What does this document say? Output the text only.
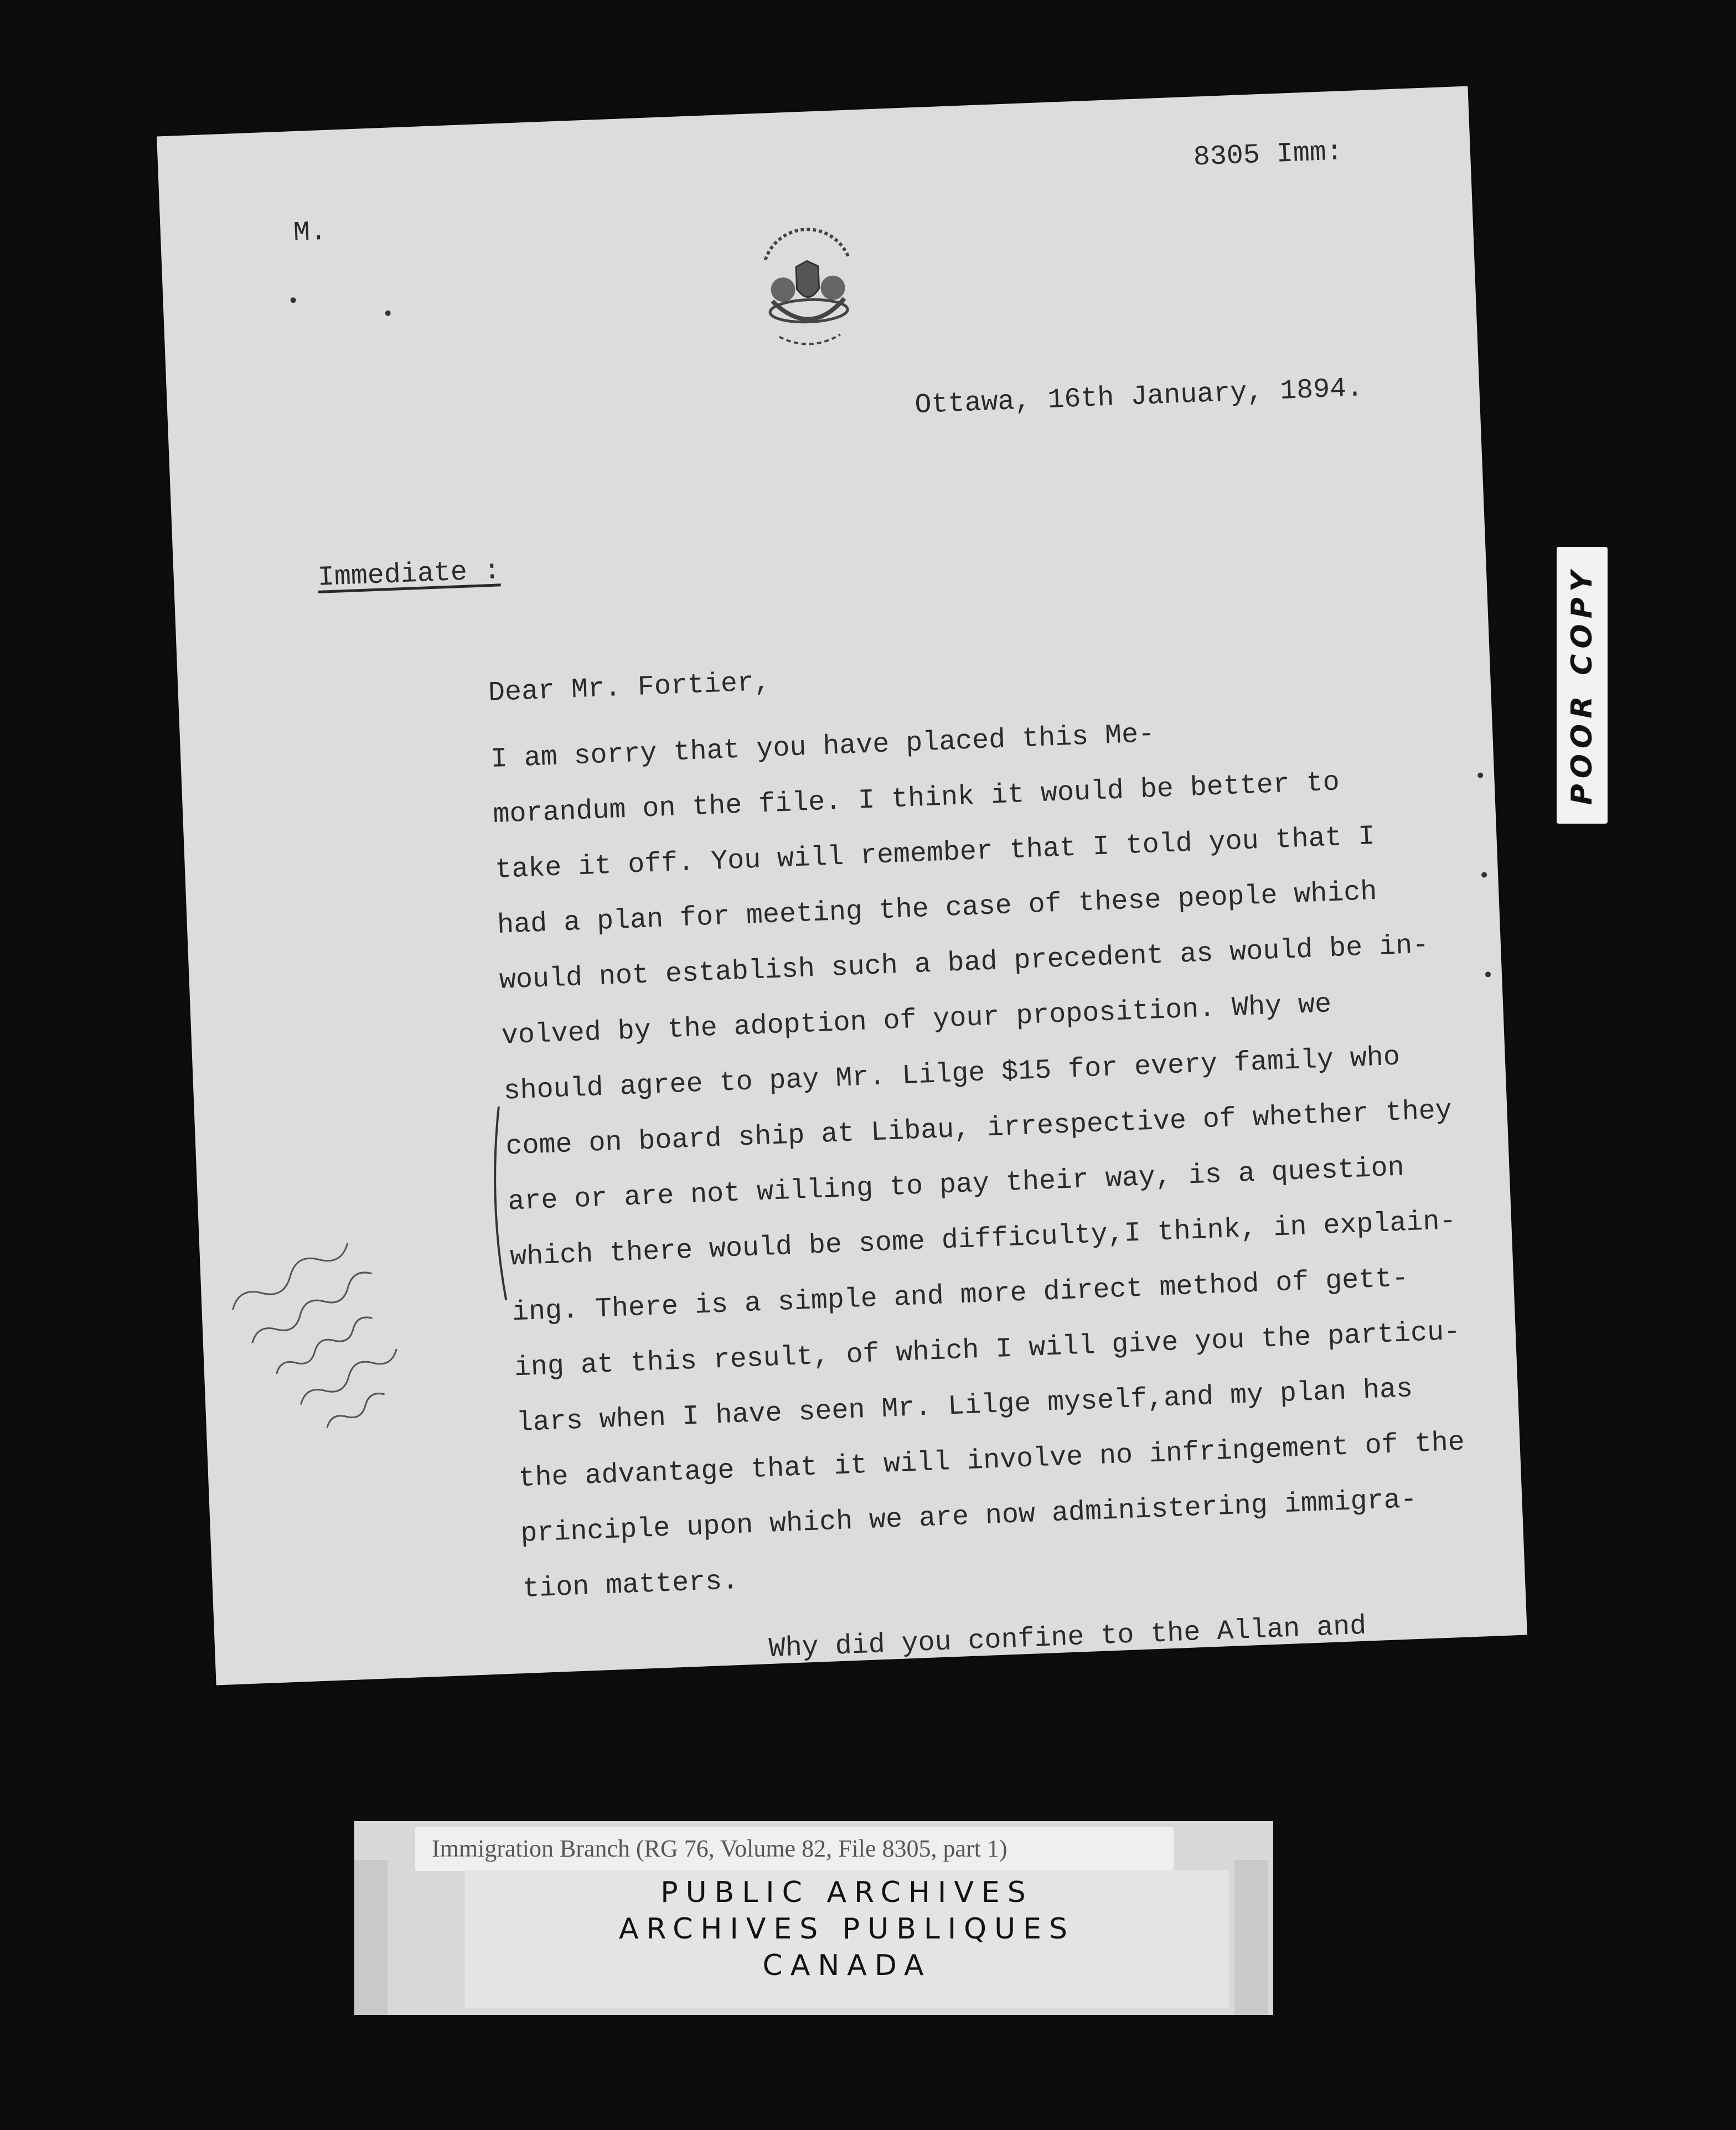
8305 Imm:
M.
Ottawa, 16th January, 1894.
Immediate :
Dear Mr. Fortier,
I am sorry that you have placed this Me-
morandum on the file. I think it would be better to
take it off. You will remember that I told you that I
had a plan for meeting the case of these people which
would not establish such a bad precedent as would be in-
volved by the adoption of your proposition. Why we
should agree to pay Mr. Lilge $15 for every family who
come on board ship at Libau, irrespective of whether they
are or are not willing to pay their way, is a question
which there would be some difficulty,I think, in explain-
ing. There is a simple and more direct method of gett-
ing at this result, of which I will give you the particu-
lars when I have seen Mr. Lilge myself,and my plan has
the advantage that it will involve no infringement of the
principle upon which we are now administering immigra-
tion matters.
Why did you confine to the Allan and
POOR COPY
Immigration Branch (RG 76, Volume 82, File 8305, part 1)
PUBLIC ARCHIVES
ARCHIVES PUBLIQUES
CANADA
